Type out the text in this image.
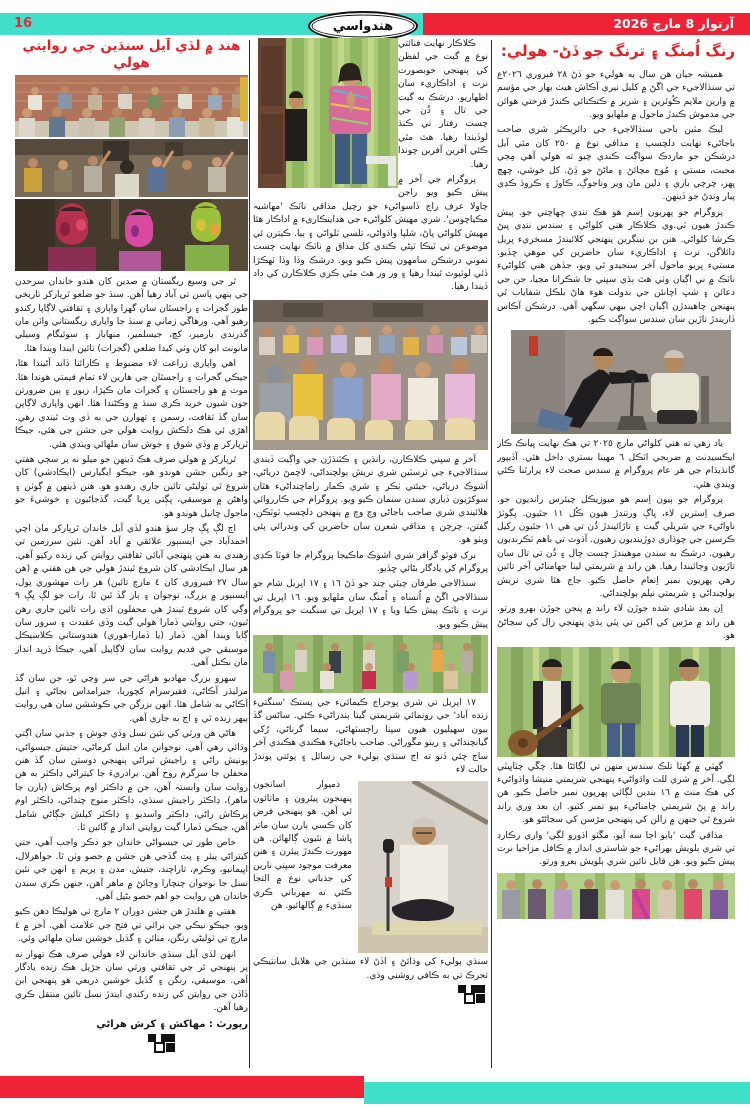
16	هندواسي	آرتوار 8 مارچ 2026
هند ۾ لڏي آيل سنڌين جي روايتي هولي

ٿر جي وسيع ريگستان ۾ صدين کان هندو خاندان سرحدن جي ٻنهي پاسن تي آباد رهيا آهن. سنڌ جو ضلعو ٿرپارکر تاريخي طور گجرات ۽ راجسٿان سان گهرا واپاري ۽ ثقافتي لاڳاپا رکندو رهيو آهي. ورهاڱي زماني ۾ سنڌ جا واپاري ريگستاني واٽن مان گذرندي بارمير، کچ، جيسلمير، منهاباز ۽ سوئيگام وسيلي مانونٽ ابو کان وٺي کيدا ضلعي (گجرات) تائين ايندا ويندا هئا.

اهي واپاري زراعت لاء مضبوط ۽ ڪارائتا ڏاند آڻيندا هئا، جيڪي گجرات ۽ راجسٿان جي هارين لاء تمام قيمتي هوندا هئا. موٽ ۾ هو راجسٿان ۽ گجرات مان ڪپڙا، زيور ۽ ٻين ضرورتن جون شيون خريد ڪري سنڌ ۾ وڪڻندا هئا. انهن واپاري لاڳاپن سان گڏ ثقافت، رسمن ۽ تهوارن جي به ڏي وٺ ٿيندي رهي. اهڙي ئي هڪ دلڪش روايت هولي جي جشن جي هئي، جيڪا ٿرپارکر ۾ وڏي شوق ۽ جوش سان ملهائي ويندي هئي.

ٿرپارکر ۾ هولي صرف هڪ ڏينهن جو ميلو نه پر سڄي هفتي جو رنگين جشن هوندو هو، جيڪو ايگيارس (ايڪادشي) کان شروع ٿي ٽوليڻي تائين جاري رهندو هو. هنن ڏينهن ۾ ڳوٺن ۽ واهڻن ۾ موسيقي، ڀڳتي ڀريا گيت، گڏجاڻيون ۽ خوشيءَ جو ماحول ڇانيل هوندو هو.

اڄ لڳ ڀڳ چار سؤ هندو لڏي آيل خاندان ٿرپارکر مان اچي احمدآباد جي ايسنٻور علائقي ۾ آباد آهن. نئين سرزمين تي رهندي به هنن پنهنجي آبائي ثقافتي روايتن کي زنده رکيو آهي. هر سال ايڪادشي کان شروع ٿيندڙ هولي جي هن هفتي ۾ (هن سال ٢٧ فيبروري کان ٤ مارچ تائين) هر رات مهشوري پول، ايسنٻور ۾ بزرگ، نوجوان ۽ ٻار گڏ ٿين ٿا. رات جو لڳ ڀڳ ٩ وڳي کان شروع ٿيندڙ هي محفلون اڌي رات تائين جاري رهن ٿيون، جتي روايتي ڏمارا هولي گيت وڏي عقيدت ۽ سرور سان ڳايا ويندا آهن. ڏمار (يا ڏمارا-هوري) هندوستاني ڪلاسيڪل موسيقي جي قديم روايت سان لاڳاپيل آهي، جيڪا ڌرپد انداز مان نڪتل آهي.

سهرو بزرگ مهاديو هراڻي جي سر وڃي ٿو، جن سان گڏ مرليڌر آڪاڻي، فقيرسرام کچوريا، جيرامداس بجاڻي ۽ انيل آڪاڻي به شامل هئا. انهن بزرگن جي ڪوششن سان هي روايت ٻيهر زنده ٿي ۽ اڄ به جاري آهي.

هاڻي هن ورثي کي نئين نسل وڏي جوش ۽ جذبي سان اڳتي وڌائي رهي آهي. نوجوانن مان انيل کرماڻي، جتيش جيسواڻي، پونيش راڻي ۽ راجيش ٽيراڻي پنهنجي دوستن سان گڏ هنن محفلن جا سرگرم روح آهن. برادريءَ جا کيتراڻي ڊاڪٽر به هن روايت سان وابستہ آهن، جن ۾ ڊاڪٽر اوم پرڪاش (ٻارن جا ماهر)، ڊاڪٽر راجيش سنڌي، ڊاڪٽر منوج چنداڻي، ڊاڪٽر اوم پرڪاش راڻي، ڊاڪٽر واسديو ۽ ڊاڪٽر کيلش جڳاڻي شامل آهن، جيڪي ڏمارا گيت روايتي انداز ۾ ڳائين ٿا.

خاص طور تي جيسواڻي خاندان جو ذڪر واجب آهي، جتي کيتراڻي پيئر ۽ پٽ گڏجي هن جشن ۾ حصو وٺن ٿا. جواهرلال، اڀيمانيو، وڪرم، تاراچند، جتيش، مدن ۽ پريم ۽ انهن جي نئين نسل جا نوجوان چنچارا وڄائڻ ۾ ماهر آهن، جنهن ڪري سندن خاندان هن روايت جو اهم حصو بڻيل آهي.

هفتي ۾ هلندڙ هن جشن دوران ٢ مارچ تي هوليڪا دهن ڪيو ويو، جيڪو نيڪي جي برائي تي فتح جي علامت آهي. آخر ۾ ٤ مارچ تي ٽوليڻي رنگن، مٺائن ۽ گڏيل خوشين سان ملهائي وئي.

انهن لڏي آيل سنڌي خاندانن لاء هولي صرف هڪ تهوار نه پر پنهنجي ٿر جي ثقافتي ورثي سان جڙيل هڪ زنده يادگار آهي. موسيقي، رنگن ۽ گڏيل خوشين ذريعي هو پنهنجي ابن ڏاڏن جي روايتن کي زنده رکندي ايندڙ نسل تائين منتقل ڪري رهيا آهن.

رپورٽ : مهاکش ۽ کرش هراڻي

ڪلاڪار نهايت فنائتي نوع ۾ گيت جي لفظن کي پنهنجي خوبصورت نرت ۽ اداڪاريء سان اظهاريو. درشڪ به گيت جي تال ۽ ڌُن جي چست رفتار تي ڪنڌ لوڏيندا رهيا. هٿ مٿي ڪئي آفرين آفرين چوندا رهيا.

پروگرام جي آخر ۾ پيش ڪيو ويو راجن چاولا عرف راج ڏاسواڻيء جو رچيل مذاقي ناٽڪ 'مهاشيہ مڪياچوس'. شري مهيش کلواڻيء جي هدايتڪاريء ۾ اداڪار هئا مهيش کلواڻي پاڻ، شلپا واڌواڻي، تلسي ٽلواڻي ۽ ٻيا. ڪيترن ئي موضوعن تي ٽيڪا ٽپڻي ڪندي کل مذاق ۾ ناٽڪ نهايت چست نموني درشڪن سامهون پيش ڪيو ويو. درشڪ وڏا وڏا ٽهڪڙا ڏئي لوٽپوٽ ٿيندا رهيا ۽ ور ور هٿ مٿي ڪري ڪلاڪارن کي داد ڏيندا رهيا.

آخر ۾ سڀني ڪلاڪارن، رانڌين ۽ ڪٽنڌڙن جي واڳيت ڏيندي سنڌالاجيء جي ٽرسٽين شري نريش ٻولچنداڻي، لاچمڻ درياڻي، اَشوڪ درياڻي، جيئتي ٺڪر ۽ شري ڪمار راماچنداڻيء هٿان سوکڙيون ڏياري سندن سنمان ڪيو ويو. پروگرام جي ڪارروائي هلائيندي شري صاحب باجاڻي وچ وچ ۾ پنهنجن دلچسپ ٽوٽڪن، گفتن، چرچن ۽ مذاقي شعرن سان حاضرين کي وندرائي پئي ويٺو هو.

برک فوٽو گرافر شري اشوڪ ماڪيجا پروگرام جا فوٽا ڪڍي پروگرام کي يادگار بڻائي ڇڏيو.

سنڌالاجي طرفان چيٽي چنڊ جو ڏڻ ١٦ ۽ ١٧ اپريل شام جو سنڌالاجي اڱڻ ۾ اُتساه ۽ اُمنگ سان ملهايو ويو. ١٦ اپريل تي نرت ۽ ناٽڪ پيش ڪيا ويا ۽ ١٧ اپريل تي سنگيت جو پروگرام پيش ڪيو ويو.

١٧ اپريل تي شري پوجراج ڪيمائيء جي پستڪ 'سنگتيء زنده آباد' جي رونمائي شريمتي گيتا ٻندراڻيء ڪئي. ساڻس گڏ ٻيون سهيليون هيون سپنا راڄسٽهاڻي، سيما گرناڻي، رُکي گيانچنداڻي ۽ رينو مڱوراڻي. صاحب باجاڻيء هڪندي هڪندي آخر ساڄ چئي ڏنو ته اڄ سنڌي ٻوليء جي رسائل ۽ پوئتي پوندڙ حالت لاء

ذميوار اسانجون پنهنجون پيئرون ۽ ماتائون ئي آهن. هو پنهنجي فرض کان ڪسي ٻارن سان ماتر ڀاشا ۾ نٿيون ڳالهائن. هن مهورت ڪندڙ پيئرن ۽ هنن معرفت موجود سڀني نارين کي جذباتي نوع ۾ التجا ڪئي ته مهرباني ڪري سنڌيء ۾ ڳالهائيو. هن

سنڌي ٻوليء کي وڌائڻ ۽ اڏڻ لاء سنڌين جي هلايل سانتيڪي تحرڪ تي به ڪافي روشني وڌي.

رنگ اُمنگ ۽ ترنگ جو ڏڻ- هولي:

هميشہ جيان هن سال به هوليء جو ڏڻ ٢٨ فبروري ٢٠٢٦ع تي سنڌالاجيء جي اڱڻ ۾ کليل نيري آڪاش هيٺ بهار جي مؤسم ۾ وارين ملايم ڪُوئرين ۽ شرير ۾ ڪتڪتائي ڪندڙ فرحتي هوائن جي مدموش ڪندڙ ماحول ۾ ملهايو ويو.

ليڪ مٽين باجي سنڌالاجيء جي ڊائريڪٽر شري صاحب باجاڻيء نهايت دلچسپ ۽ مذاقي نوع ۾ ٢٥٠ کان مٿي آيل درشڪن جو ماردڪ سواڳت ڪندي چيو ته هولي آهي مِڄي محبت، مستي ۽ مُوج مچائڻ ۽ ماڻڻ جو ڏِڻ. کل خوشي، چهچ ڀهر، چرچي بازي ۽ دلين مان وير وناجوڳ، ڪاوڙ ۽ ڪروڌ ڪڍي پيار ونڊڻ جو ڏينهن.

پروگرام جو پهريون اِسم هو هڪ ننڍي چهاچتي جو. پيش ڪندڙ هيون ٽي.وي ڪلاڪار هني کلواڻي ۽ سندس ننڍي ڀيڻ ڪرشا کلواڻي. هنن بن نينگرين پنهنجي کلائيندڙ مسخريء ڀريل ڊائلاگن، نرت ۽ اداڪاريء سان حاضرين کي موهي ڇڏيو. مستيء ڀريو ماحول آخر سنجيدو ٿي ويو، جڏهن هني کلواڻيء ناٽڪ ۾ ني اڳيان وٺي هٿ ٻڌي سڀني جا شڪرانا مڃيا، جن جي دعائن ۽ شڀ اچانئن جي بدولت هوء هاڻ بلڪل شفاياب ٿي پنهنجن چاهيندڙن اڳيان اچي بيهي سگهي آهي. درشڪن آڪاس ڏاريندڙ تاڙين سان سندس سواڳت ڪيو.

ياد رهي ته هني کلواڻي مارچ ٢٠٢٥ تي هڪ نهايت ڀيانڪ ڪار ايڪسيڊنٽ ۾ ضربجي اٽڪل ٦ مهينا بستري داخل هئي. آڏيپور گانڌيڌام جي هر عام پروگرام ۾ سندس صحت لاء پرارٿنا ڪئي ويندي هئي.

پروگرام جو ٻيون اِسم هو ميوزيڪل چيئرس رانديون جو. صرف اِسترين لاء، ڀاڳ ورتندڙ هيون ڪُل ١١ جٿيون. پڳوٽڙ ناواڻيء جي شريلي گيت ۽ تاڙائيندڙ ڌُن تي هي ١١ جٿيون رکيل ڪرسين جي چوڌاري ڊوڙينديون رهيون. آڌوٽ تي باهم ٽڪرنديون رهيون. درشڪ به سندن موهيندڙ چست چال ۽ ڌُن تي تال سان تاڙيون وڄائيندا رهيا. هن راند ۾ شريمتي لينا جهامناڻي آخر تائين رهي پهريون نمبر اِنعام حاصل ڪيو. جاج هئا شري نريش ٻولچنداڻي ۽ شريمتي نيلم ٻولچنداڻي.

اِن بعد شادي شده جوڙن لاء راند ۾ پنجن جوڙن بهرو ورتو. هن راند ۾ مڙس کي اکين تي پٽي ٻڌي پنهنجي زال کي سڃاڻڻ هو.

گهٽي ۾ گهٽا تلڪ سندس منهن تي لڳائڻا هئا. چڱي چٽاڀيٽي لڳي. آخر ۾ شري للت واڌواڻيء پنهنجي شريمتي منيشا واڌواڻيء کي هڪ منٽ ۾ ١٦ بندين لڳائي پهريون نمبر حاصل ڪيو. هن راند ۾ پڻ شريمتي ڄامناڻيء ٻيو نمبر کٽيو. ان بعد وري راند شروع ٿي جنهن ۾ زالن کي پنهنجي مڙسن کي سڃاڻڻو هو.

مذاقي گيت 'ٻابو اڄا سه آيو، مڱٽو اڌورو لڳي' واري رڪارڊ تي شري ٻلويش بهراڻيء جو شاستري انداز ۾ ڪافل مزاحيا نرت پيش ڪيو ويو. هن قابل تائين شري ٻلويش بعرو ورتو.
